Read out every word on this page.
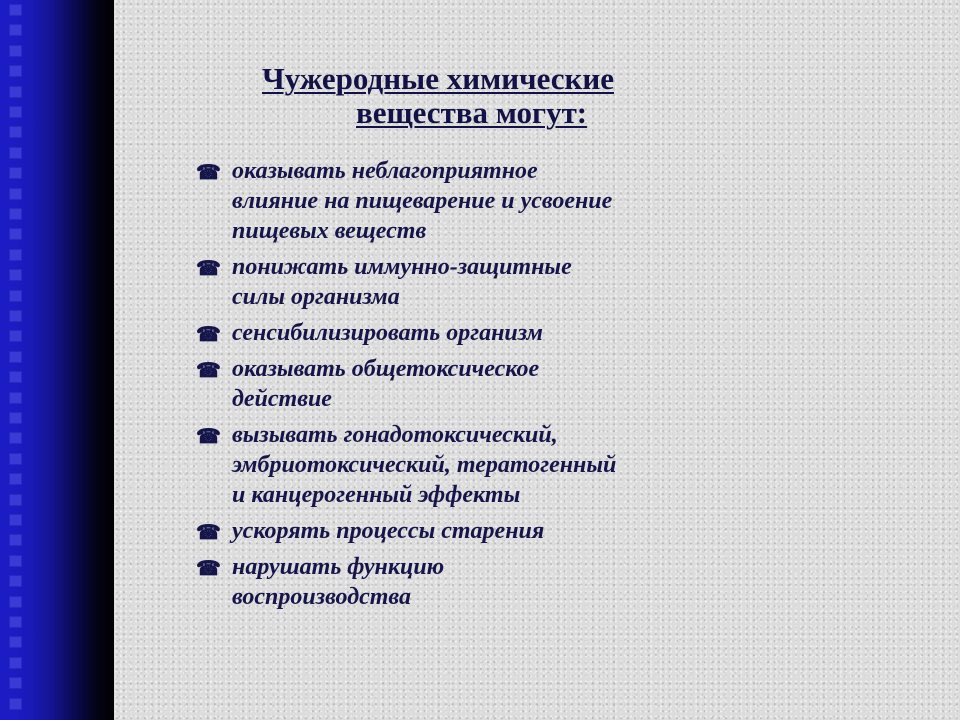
Чужеродные химические
вещества могут:
☎ оказывать неблагоприятное
влияние на пищеварение и усвоение
пищевых веществ
☎ понижать иммунно-защитные
силы организма
☎ сенсибилизировать организм
☎ оказывать общетоксическое
действие
☎ вызывать гонадотоксический,
эмбриотоксический, тератогенный
и канцерогенный эффекты
☎ ускорять процессы старения
☎ нарушать функцию
воспроизводства
